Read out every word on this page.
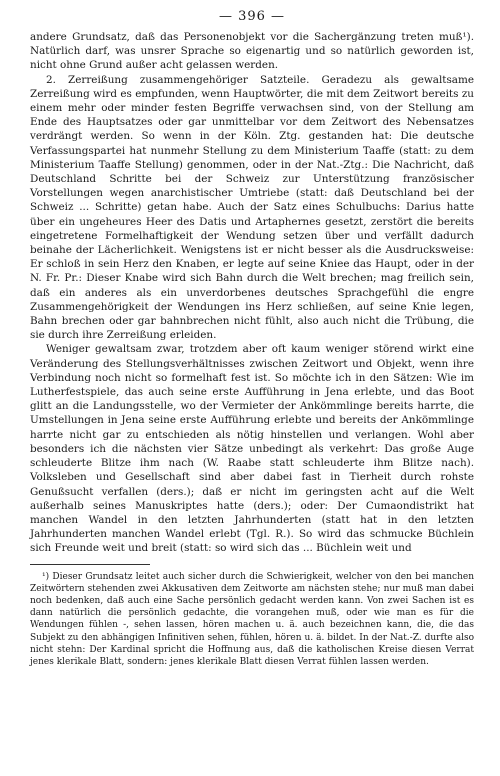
— 396 —

andere Grundsatz, daß das Personenobjekt vor die Sachergänzung treten muß¹). Natürlich darf, was unsrer Sprache so eigenartig und so natürlich geworden ist, nicht ohne Grund außer acht gelassen werden.

2. Zerreißung zusammengehöriger Satzteile. Geradezu als gewaltsame Zerreißung wird es empfunden, wenn Hauptwörter, die mit dem Zeitwort bereits zu einem mehr oder minder festen Begriffe verwachsen sind, von der Stellung am Ende des Hauptsatzes oder gar unmittelbar vor dem Zeitwort des Nebensatzes verdrängt werden. So wenn in der Köln. Ztg. gestanden hat: Die deutsche Verfassungspartei hat nunmehr Stellung zu dem Ministerium Taaffe (statt: zu dem Ministerium Taaffe Stellung) genommen, oder in der Nat.-Ztg.: Die Nachricht, daß Deutschland Schritte bei der Schweiz zur Unterstützung französischer Vorstellungen wegen anarchistischer Umtriebe (statt: daß Deutschland bei der Schweiz ... Schritte) getan habe. Auch der Satz eines Schulbuchs: Darius hatte über ein ungeheures Heer des Datis und Artaphernes gesetzt, zerstört die bereits eingetretene Formelhaftigkeit der Wendung setzen über und verfällt dadurch beinahe der Lächerlichkeit. Wenigstens ist er nicht besser als die Ausdrucksweise: Er schloß in sein Herz den Knaben, er legte auf seine Kniee das Haupt, oder in der N. Fr. Pr.: Dieser Knabe wird sich Bahn durch die Welt brechen; mag freilich sein, daß ein anderes als ein unverdorbenes deutsches Sprachgefühl die engre Zusammengehörigkeit der Wendungen ins Herz schließen, auf seine Knie legen, Bahn brechen oder gar bahnbrechen nicht fühlt, also auch nicht die Trübung, die sie durch ihre Zerreißung erleiden.

Weniger gewaltsam zwar, trotzdem aber oft kaum weniger störend wirkt eine Veränderung des Stellungsverhältnisses zwischen Zeitwort und Objekt, wenn ihre Verbindung noch nicht so formelhaft fest ist. So möchte ich in den Sätzen: Wie im Lutherfestspiele, das auch seine erste Aufführung in Jena erlebte, und das Boot glitt an die Landungsstelle, wo der Vermieter der Ankömmlinge bereits harrte, die Umstellungen in Jena seine erste Aufführung erlebte und bereits der Ankömmlinge harrte nicht gar zu entschieden als nötig hinstellen und verlangen. Wohl aber besonders ich die nächsten vier Sätze unbedingt als verkehrt: Das große Auge schleuderte Blitze ihm nach (W. Raabe statt schleuderte ihm Blitze nach). Volksleben und Gesellschaft sind aber dabei fast in Tierheit durch rohste Genußsucht verfallen (ders.); daß er nicht im geringsten acht auf die Welt außerhalb seines Manuskriptes hatte (ders.); oder: Der Cumaondistrikt hat manchen Wandel in den letzten Jahrhunderten (statt hat in den letzten Jahrhunderten manchen Wandel erlebt (Tgl. R.). So wird das schmucke Büchlein sich Freunde weit und breit (statt: so wird sich das ... Büchlein weit und

¹) Dieser Grundsatz leitet auch sicher durch die Schwierigkeit, welcher von den bei manchen Zeitwörtern stehenden zwei Akkusativen dem Zeitworte am nächsten stehe; nur muß man dabei noch bedenken, daß auch eine Sache persönlich gedacht werden kann. Von zwei Sachen ist es dann natürlich die persönlich gedachte, die vorangehen muß, oder wie man es für die Wendungen fühlen -, sehen lassen, hören machen u. ä. auch bezeichnen kann, die, die das Subjekt zu den abhängigen Infinitiven sehen, fühlen, hören u. ä. bildet. In der Nat.-Z. durfte also nicht stehn: Der Kardinal spricht die Hoffnung aus, daß die katholischen Kreise diesen Verrat jenes klerikale Blatt, sondern: jenes klerikale Blatt diesen Verrat fühlen lassen werden.
